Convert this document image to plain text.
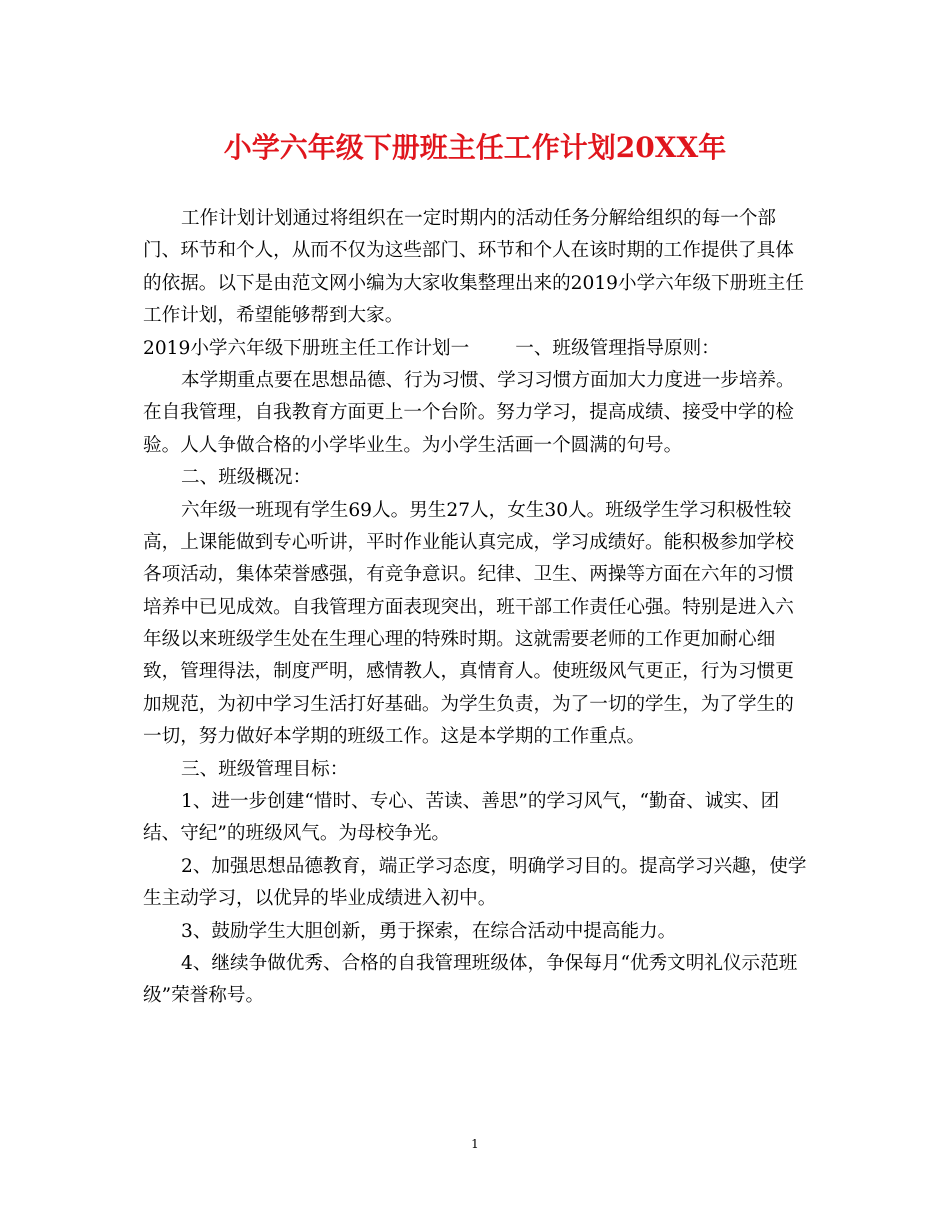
小学六年级下册班主任工作计划20XX年
工作计划计划通过将组织在一定时期内的活动任务分解给组织的每一个部
门、环节和个人，从而不仅为这些部门、环节和个人在该时期的工作提供了具体
的依据。以下是由范文网小编为大家收集整理出来的2019小学六年级下册班主任
工作计划，希望能够帮到大家。
2019小学六年级下册班主任工作计划一 一、班级管理指导原则：
本学期重点要在思想品德、行为习惯、学习习惯方面加大力度进一步培养。
在自我管理，自我教育方面更上一个台阶。努力学习，提高成绩、接受中学的检
验。人人争做合格的小学毕业生。为小学生活画一个圆满的句号。
二、班级概况：
六年级一班现有学生69人。男生27人，女生30人。班级学生学习积极性较
高，上课能做到专心听讲，平时作业能认真完成，学习成绩好。能积极参加学校
各项活动，集体荣誉感强，有竞争意识。纪律、卫生、两操等方面在六年的习惯
培养中已见成效。自我管理方面表现突出，班干部工作责任心强。特别是进入六
年级以来班级学生处在生理心理的特殊时期。这就需要老师的工作更加耐心细
致，管理得法，制度严明，感情教人，真情育人。使班级风气更正，行为习惯更
加规范，为初中学习生活打好基础。为学生负责，为了一切的学生，为了学生的
一切，努力做好本学期的班级工作。这是本学期的工作重点。
三、班级管理目标：
1、进一步创建“惜时、专心、苦读、善思”的学习风气，“勤奋、诚实、团
结、守纪”的班级风气。为母校争光。
2、加强思想品德教育，端正学习态度，明确学习目的。提高学习兴趣，使学
生主动学习，以优异的毕业成绩进入初中。
3、鼓励学生大胆创新，勇于探索，在综合活动中提高能力。
4、继续争做优秀、合格的自我管理班级体，争保每月“优秀文明礼仪示范班
级”荣誉称号。
1
